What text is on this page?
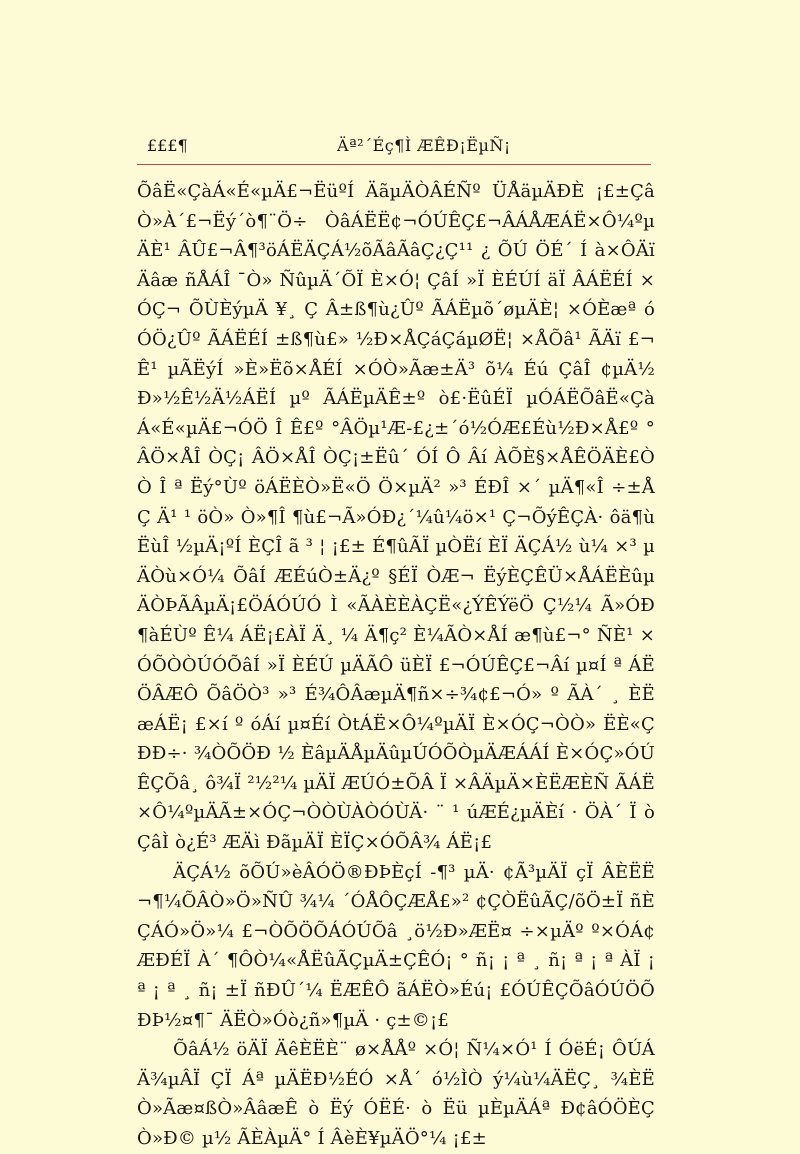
£££¶	Äª²´Éç¶Ì ÆÊÐ¡ËµÑ¡

ÕâË«ÇàÁ«É«µÄ£¬ËüºÍ ÄãµÄÒÂÉÑº ÜÅäµÄÐÈ ¡£±ÇâÒ»À´£¬Ëý´ò¶¨Ö÷ ÒâÁËË¢¬ÓÚÊÇ£¬ÂÁÅÆÁË×Ô¼ºµÄÈ¹ ÂÛ£¬Â¶³öÁËÄÇÁ½õÃâÃâÇ¿Ç¹¹ ¿ ÕÚ ÖÉ´ Í à×ÔÄï Äâæ ñÅÁÎ ¯Ò» ÑûµÄ´ÕÏ È×Ó¦ ÇâÍ »Ï ÈÉÚÍ äÏ ÂÁËÉÍ ×ÓÇ¬ ÕÙÈýµÄ ¥¸ Ç Â±ß¶ù¿Ûº ÃÁËµõ´øµÄÈ¦ ×ÓÈæª óÓÖ¿Ûº ÃÁËÉÍ ±ß¶ù£» ½Ð×ÅÇáÇáµØË¦ ×ÅÕâ¹ ÃÄï £¬Ê¹ µÃËýÍ »È»Ëõ×ÅÉÍ ×ÓÒ»Ãæ±Ä³ õ¼ Éú ÇâÎ ¢µÄ½Ð»½Ê½Ä½ÁËÍ µº ÃÁËµÄÊ±º ò£·ËûÉÏ µÓÁËÕâË«ÇàÁ«É«µÄ£¬ÓÖ Î Ê£º °ÂÖµ¹Æ-£¿±´ó½ÓÆ£Éù½Ð×Å£º °ÂÖ×ÅÎ ÒÇ¡ ÂÖ×ÅÎ ÒÇ¡±Ëû´ ÓÍ Ô Âí ÀÕÈ§×ÅÊÖÄÈ£ÒÒ Î ª Ëý°Ùº öÁËÈÒ»Ë«Ö Ö×µÄ² »³ ÉÐÎ ×´ µÄ¶«Î ÷±ÅÇ Ä¹ ¹ öÒ» Ò»¶Î ¶ù£¬Ã»ÓÐ¿´¼û¼ö×¹ Ç¬ÕýÊÇÀ· ôä¶ùËùÎ ½µÄ¡ºÍ ÈÇÎ ã ³ ¦ ¡£± É¶ûÃÏ µÒËí ÈÏ ÄÇÁ½ ù¼ ×³ µÄÒù×Ó¼ ÕâÍ ÆÉúÒ±Ä¿º §ÉÏ ÒÆ¬ ËýÈÇÊÜ×ÅÁËÈûµÄÒÞÃÂµÄ¡£ÖÁÓÚÓ Ì «ÃÀÈÈÀÇË«¿ÝÊÝëÖ Ç½¼ Ã»ÓÐ ¶àÉÙº Ê¼ ÁË¡£ÀÏ Ä¸ ¼ Ä¶ç² È¼ÃÒ×ÅÍ æ¶ù£¬° ÑÈ¹ ×ÓÕÒÒÚÓÕâÍ »Ï ÈÉÚ µÄÃÔ üÈÏ £¬ÓÚÊÇ£¬Âí µ¤Í ª ÁËÖÂÆÔ ÕâÖÒ³ »³ É¾ÔÂæµÄ¶ñ×÷¾¢£¬Ó» º ÃÀ´ ¸ ÈËæÁË¡ £×í º óÁí µ¤Éí ÒtÁË×Ô¼ºµÄÏ È×ÓÇ¬ÒÒ» ËÈ«ÇÐÐ÷· ¾ÒÕÖÐ ½ ÈâµÄÅµÄûµÚÓÕÒµÄÆÁÁÍ È×ÓÇ»ÓÚÊÇÕâ¸ ô¾Ï ²½²¼ µÄÏ ÆÚÓ±ÕÂ Ï ×ÂÄµÄ×ÈËÆÈÑ ÃÁË×Ô¼ºµÄÃ±×ÓÇ¬ÒÒÙÀÒÓÙÄ· ¨ ¹ úÆÉ¿µÄÈí · ÖÀ´ Ï òÇâÌ ò¿É³ ÆÄì ÐãµÄÏ ÈÏÇ×ÓÕÂ¾ ÁË¡£

ÄÇÁ½ õÕÚ»èÂÓÖ®ÐÞÈçÍ -¶³ µÄ· ¢Ã³µÄÏ çÏ ÂÈËË¬¶¼ÕÂÒ»Ö»ÑÛ ¾¼ ´ÓÅÔÇÆÅ£»² ¢ÇÒËûÃÇ/õÖ±Ï ñÈÇÁÓ»Ö»¼ £¬ÒÕÖÕÁÓÚÕâ ¸ö½Ð»ÆË¤ ÷×µÄº º×ÓÁ¢ÆÐÉÏ À´ ¶ÔÒ¼«ÅËûÃÇµÄ±ÇÊÓ¡ ° ñ¡ ¡ ª ¸ ñ¡ ª ¡ ª ÀÏ ¡ ª ¡ ª ¸ ñ¡ ±Ï ñÐÛ´¼ ËÆÊÔ ãÁËÒ»Éú¡ £ÓÚÊÇÕâÓÚÖÕÐÞ½¤¶¯ ÄËÒ»Óò¿ñ»¶µÄ · ç±©¡£

ÕâÁ½ öÄÏ ÄêÈËÈ¨ ø×ÅÅº ×Ó¦ Ñ¼×Ó¹ Í ÓëÉ¡ ÔÚÁÄ¾µÂÏ ÇÏ Áª µÄËÐ½ÉÓ ×Å´ ó½ÌÒ ý¼ù¼ÄËÇ¸ ¾ÈËÒ»Ãæ¤ßÒ»ÂâæÊ ò Ëý ÓËÉ· ò Ëü µÈµÄÁª Ð¢âÓÖÈÇÒ»Ð© µ½ ÃÈÀµÄ° Í ÂèÈ¥µÄÖ°¼ ¡£±
